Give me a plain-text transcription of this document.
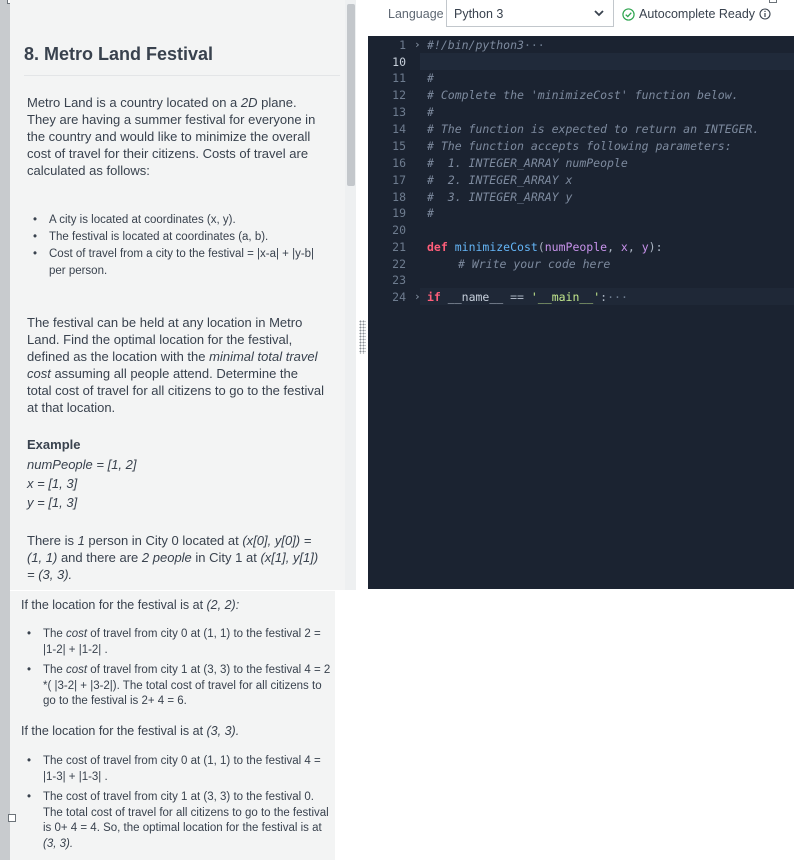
8. Metro Land Festival
Metro Land is a country located on a 2D plane. They are having a summer festival for everyone in the country and would like to minimize the overall cost of travel for their citizens. Costs of travel are calculated as follows:
• A city is located at coordinates (x, y).
• The festival is located at coordinates (a, b).
• Cost of travel from a city to the festival = |x-a| + |y-b| per person.
The festival can be held at any location in Metro Land. Find the optimal location for the festival, defined as the location with the minimal total travel cost assuming all people attend. Determine the total cost of travel for all citizens to go to the festival at that location.
Example
numPeople = [1, 2]
x = [1, 3]
y = [1, 3]
There is 1 person in City 0 located at (x[0], y[0]) = (1, 1) and there are 2 people in City 1 at (x[1], y[1]) = (3, 3).
If the location for the festival is at (2, 2):
• The cost of travel from city 0 at (1, 1) to the festival 2 = |1-2| + |1-2| .
• The cost of travel from city 1 at (3, 3) to the festival 4 = 2 *( |3-2| + |3-2|). The total cost of travel for all citizens to go to the festival is 2+ 4 = 6.
If the location for the festival is at (3, 3).
• The cost of travel from city 0 at (1, 1) to the festival 4 = |1-3| + |1-3| .
• The cost of travel from city 1 at (3, 3) to the festival 0. The total cost of travel for all citizens to go to the festival is 0+ 4 = 4. So, the optimal location for the festival is at (3, 3).
Language Python 3	Autocomplete Ready
1
10
11
12
13
14
15
16
17
18
19
20
21
22
23
24
›
›
#!/bin/python3···
#
# Complete the 'minimizeCost' function below.
#
# The function is expected to return an INTEGER.
# The function accepts following parameters:
#  1. INTEGER_ARRAY numPeople
#  2. INTEGER_ARRAY x
#  3. INTEGER_ARRAY y
#
def minimizeCost(numPeople, x, y):
# Write your code here
if __name__ == '__main__':···
